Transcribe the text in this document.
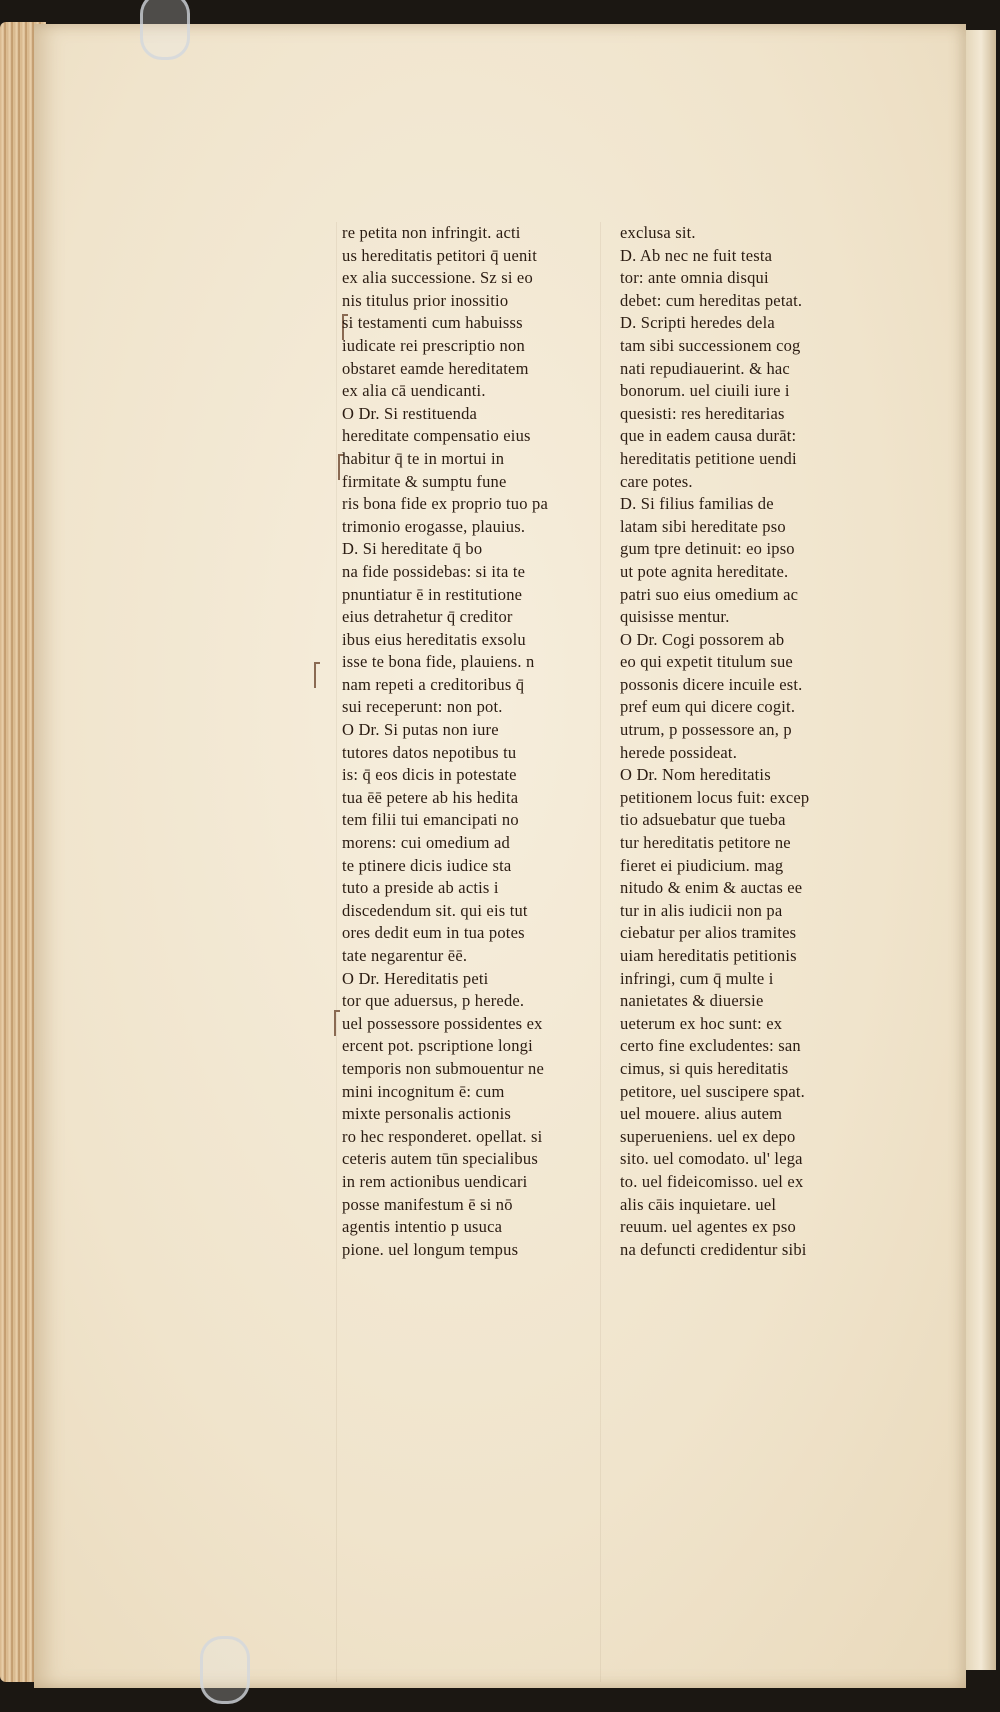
re petita non infringit. acti
us hereditatis petitori q̄ uenit
ex alia successione. Sz si eo
nis titulus prior inossitio
si testamenti cum habuisss
iudicate rei prescriptio non
obstaret eamde hereditatem
ex alia cā uendicanti.
O Dr. Si restituenda
hereditate compensatio eius
habitur q̄ te in mortui in
firmitate & sumptu fune
ris bona fide ex proprio tuo pa
trimonio erogasse, plauius.
D. Si hereditate q̄ bo
na fide possidebas: si ita te
pnuntiatur ē in restitutione
eius detrahetur q̄ creditor
ibus eius hereditatis exsolu
isse te bona fide, plauiens. n
nam repeti a creditoribus q̄
sui receperunt: non pot.
O Dr. Si putas non iure
tutores datos nepotibus tu
is: q̄ eos dicis in potestate
tua ēē petere ab his hedita
tem filii tui emancipati no
morens: cui omedium ad
te ptinere dicis iudice sta
tuto a preside ab actis i
discedendum sit. qui eis tut
ores dedit eum in tua potes
tate negarentur ēē.
O Dr. Hereditatis peti
tor que aduersus, p herede.
uel possessore possidentes ex
ercent pot. pscriptione longi
temporis non submouentur ne
mini incognitum ē: cum
mixte personalis actionis
ro hec responderet. opellat. si
ceteris autem tūn specialibus
in rem actionibus uendicari
posse manifestum ē si nō
agentis intentio p usuca
pione. uel longum tempus
exclusa sit.
D. Ab nec ne fuit testa
tor: ante omnia disqui
debet: cum hereditas petat.
D. Scripti heredes dela
tam sibi successionem cog
nati repudiauerint. & hac
bonorum. uel ciuili iure i
quesisti: res hereditarias
que in eadem causa durāt:
hereditatis petitione uendi
care potes.
D. Si filius familias de
latam sibi hereditate pso
gum tpre detinuit: eo ipso
ut pote agnita hereditate.
patri suo eius omedium ac
quisisse mentur.
O Dr. Cogi possorem ab
eo qui expetit titulum sue
possonis dicere incuile est.
pref eum qui dicere cogit.
utrum, p possessore an, p
herede possideat.
O Dr. Nom hereditatis
petitionem locus fuit: excep
tio adsuebatur que tueba
tur hereditatis petitore ne
fieret ei piudicium. mag
nitudo & enim & auctas ee
tur in alis iudicii non pa
ciebatur per alios tramites
uiam hereditatis petitionis
infringi, cum q̄ multe i
nanietates & diuersie
ueterum ex hoc sunt: ex
certo fine excludentes: san
cimus, si quis hereditatis
petitore, uel suscipere spat.
uel mouere. alius autem
superueniens. uel ex depo
sito. uel comodato. ul' lega
to. uel fideicomisso. uel ex
alis cāis inquietare. uel
reuum. uel agentes ex pso
na defuncti credidentur sibi
